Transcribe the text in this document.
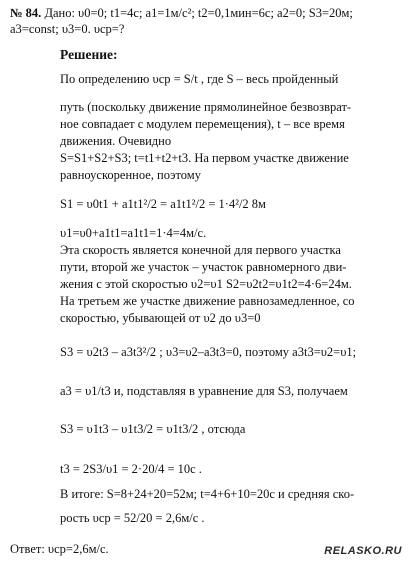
№ 84. Дано: υ0=0; t1=4с; a1=1м/с²; t2=0,1мин=6с; a2=0; S3=20м;
a3=const; υ3=0. υср=?
Решение:
По определению υср = S/t , где S – весь пройденный
путь (поскольку движение прямолинейное безвозврат-
ное совпадает с модулем перемещения), t – все время
движения. Очевидно
S=S1+S2+S3; t=t1+t2+t3. На первом участке движение
равноускоренное, поэтому
S1 = υ0t1 + a1t1²/2 = a1t1²/2 = 1·4²/2 8м
υ1=υ0+a1t1=a1t1=1·4=4м/с.
Эта скорость является конечной для первого участка
пути, второй же участок – участок равномерного дви-
жения с этой скоростью υ2=υ1 S2=υ2t2=υ1t2=4·6=24м.
На третьем же участке движение равнозамедленное, со
скоростью, убывающей от υ2 до υ3=0
S3 = υ2t3 – a3t3²/2 ; υ3=υ2–a3t3=0, поэтому a3t3=υ2=υ1;
a3 = υ1/t3 и, подставляя в уравнение для S3, получаем
S3 = υ1t3 – υ1t3/2 = υ1t3/2 , отсюда
t3 = 2S3/υ1 = 2·20/4 = 10с .
В итоге: S=8+24+20=52м; t=4+6+10=20с и средняя ско-
рость υср = 52/20 = 2,6м/с .
Ответ: υср=2,6м/с.	RELASKO.RU
